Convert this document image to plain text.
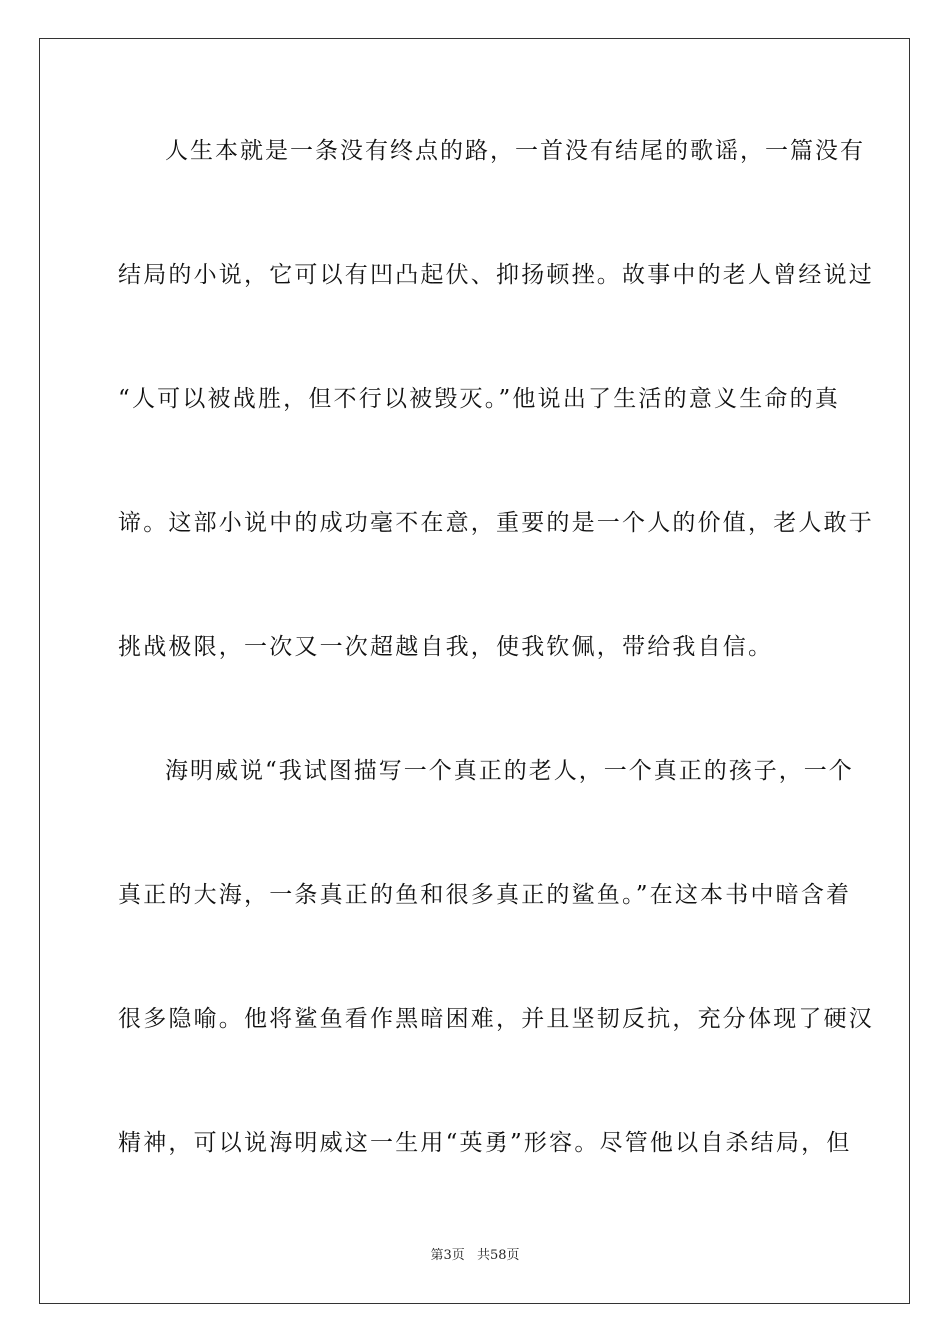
人生本就是一条没有终点的路，一首没有结尾的歌谣，一篇没有
结局的小说，它可以有凹凸起伏、抑扬顿挫。故事中的老人曾经说过
“人可以被战胜，但不行以被毁灭。”他说出了生活的意义生命的真
谛。这部小说中的成功毫不在意，重要的是一个人的价值，老人敢于
挑战极限，一次又一次超越自我，使我钦佩，带给我自信。
海明威说“我试图描写一个真正的老人，一个真正的孩子，一个
真正的大海，一条真正的鱼和很多真正的鲨鱼。”在这本书中暗含着
很多隐喻。他将鲨鱼看作黑暗困难，并且坚韧反抗，充分体现了硬汉
精神，可以说海明威这一生用“英勇”形容。尽管他以自杀结局，但
第3页 共58页
